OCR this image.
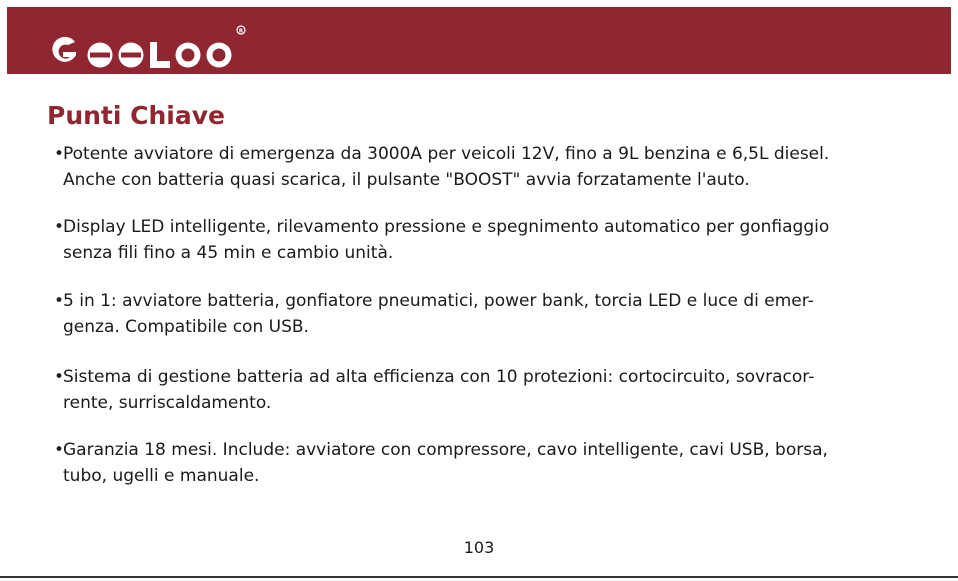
R
Punti Chiave
•
Potente avviatore di emergenza da 3000A per veicoli 12V, fino a 9L benzina e 6,5L diesel.
Anche con batteria quasi scarica, il pulsante "BOOST" avvia forzatamente l'auto.
•
Display LED intelligente, rilevamento pressione e spegnimento automatico per gonfiaggio
senza fili fino a 45 min e cambio unità.
•
5 in 1: avviatore batteria, gonfiatore pneumatici, power bank, torcia LED e luce di emer-
genza. Compatibile con USB.
•
Sistema di gestione batteria ad alta efficienza con 10 protezioni: cortocircuito, sovracor-
rente, surriscaldamento.
•
Garanzia 18 mesi. Include: avviatore con compressore, cavo intelligente, cavi USB, borsa,
tubo, ugelli e manuale.
103
